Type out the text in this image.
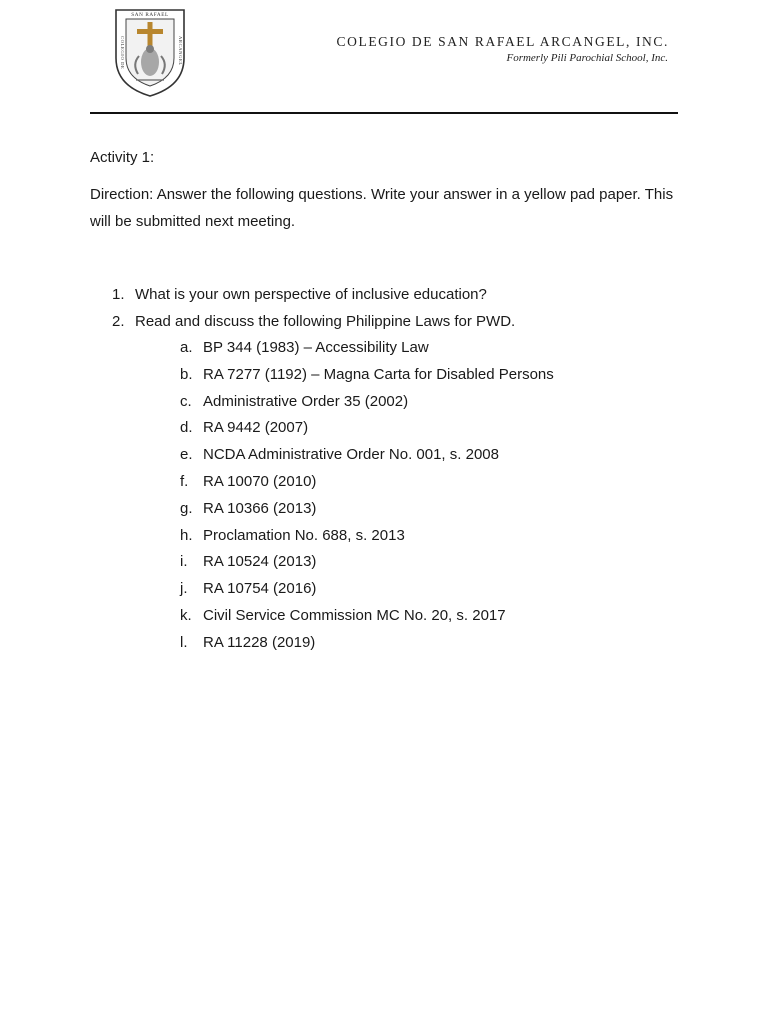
SAN RAFAEL
COLEGIO DE	ARCANGEL	COLEGIO DE SAN RAFAEL ARCANGEL, INC.
Formerly Pili Parochial School, Inc.
Activity 1:
Direction: Answer the following questions. Write your answer in a yellow pad paper. This will be submitted next meeting.
1. What is your own perspective of inclusive education?
2. Read and discuss the following Philippine Laws for PWD.
a. BP 344 (1983) – Accessibility Law
b. RA 7277 (1192) – Magna Carta for Disabled Persons
c. Administrative Order 35 (2002)
d. RA 9442 (2007)
e. NCDA Administrative Order No. 001, s. 2008
f. RA 10070 (2010)
g. RA 10366 (2013)
h. Proclamation No. 688, s. 2013
i. RA 10524 (2013)
j. RA 10754 (2016)
k. Civil Service Commission MC No. 20, s. 2017
l. RA 11228 (2019)
